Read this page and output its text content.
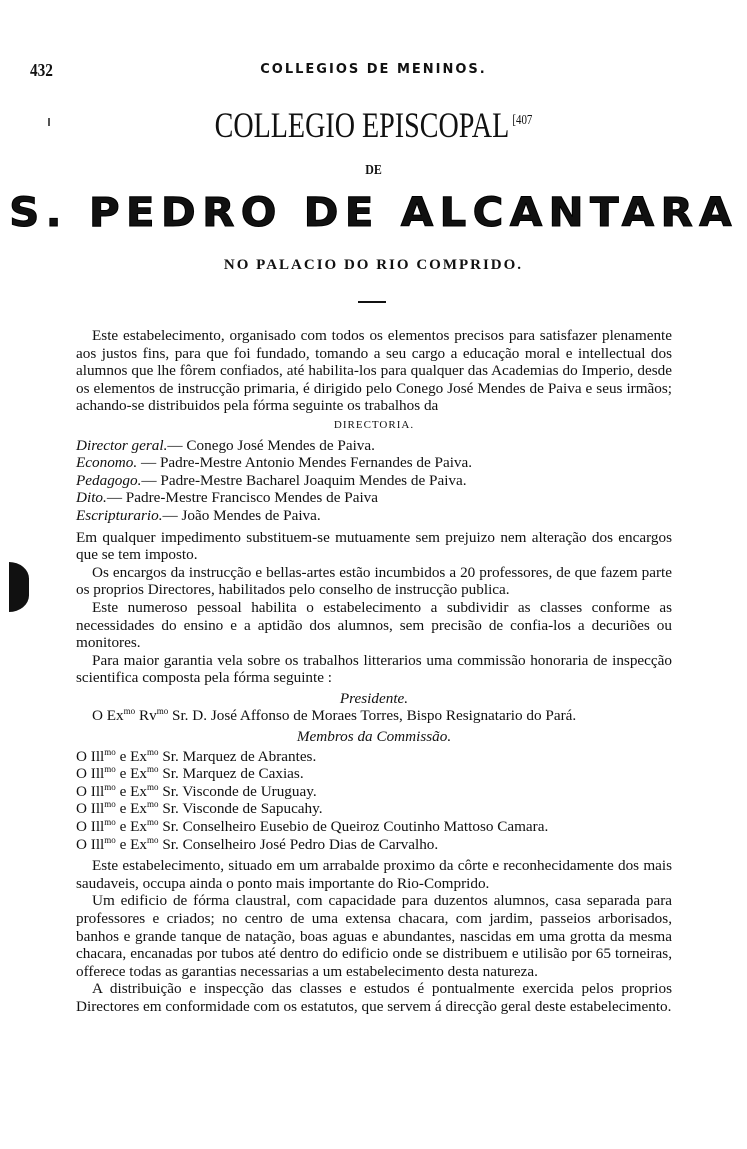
432	COLLEGIOS DE MENINOS.
COLLEGIO EPISCOPAL $^{[407}$
DE
S. PEDRO DE ALCANTARA
NO PALACIO DO RIO COMPRIDO.

Este estabelecimento, organisado com todos os elementos precisos para satisfazer plenamente aos justos fins, para que foi fundado, tomando a seu cargo a educação moral e intellectual dos alumnos que lhe fôrem confiados, até habilita-los para qualquer das Academias do Imperio, desde os elementos de instrucção primaria, é dirigido pelo Conego José Mendes de Paiva e seus irmãos; achando-se distribuidos pela fórma seguinte os trabalhos da

DIRECTORIA.
Director geral.— Conego José Mendes de Paiva.
Economo. — Padre-Mestre Antonio Mendes Fernandes de Paiva.
Pedagogo.— Padre-Mestre Bacharel Joaquim Mendes de Paiva.
Dito.— Padre-Mestre Francisco Mendes de Paiva
Escripturario.— João Mendes de Paiva.

Em qualquer impedimento substituem-se mutuamente sem prejuizo nem alteração dos encargos que se tem imposto.

Os encargos da instrucção e bellas-artes estão incumbidos a 20 professores, de que fazem parte os proprios Directores, habilitados pelo conselho de instrucção publica.

Este numeroso pessoal habilita o estabelecimento a subdividir as classes conforme as necessidades do ensino e a aptidão dos alumnos, sem precisão de confia-los a decuriões ou monitores.

Para maior garantia vela sobre os trabalhos litterarios uma commissão honoraria de inspecção scientifica composta pela fórma seguinte :

Presidente.

O $Ex^{mo}$ $Rv^{mo}$ Sr. D. José Affonso de Moraes Torres, Bispo Resignatario do Pará.

Membros da Commissão.
O Ill$^{mo}$ e $Ex^{mo}$ Sr. Marquez de Abrantes.
O Ill$^{mo}$ e $Ex^{mo}$ Sr. Marquez de Caxias.
O Ill$^{mo}$ e $Ex^{mo}$ Sr. Visconde de Uruguay.
O Ill$^{mo}$ e $Ex^{mo}$ Sr. Visconde de Sapucahy.
O Ill$^{mo}$ e $Ex^{mo}$ Sr. Conselheiro Eusebio de Queiroz Coutinho Mattoso Camara.
O Ill$^{mo}$ e $Ex^{mo}$ Sr. Conselheiro José Pedro Dias de Carvalho.

Este estabelecimento, situado em um arrabalde proximo da côrte e reconhecidamente dos mais saudaveis, occupa ainda o ponto mais importante do Rio-Comprido.

Um edificio de fórma claustral, com capacidade para duzentos alumnos, casa separada para professores e criados; no centro de uma extensa chacara, com jardim, passeios arborisados, banhos e grande tanque de natação, boas aguas e abundantes, nascidas em uma grotta da mesma chacara, encanadas por tubos até dentro do edificio onde se distribuem e utilisão por 65 torneiras, offerece todas as garantias necessarias a um estabelecimento desta natureza.

A distribuição e inspecção das classes e estudos é pontualmente exercida pelos proprios Directores em conformidade com os estatutos, que servem á direcção geral deste estabelecimento.
